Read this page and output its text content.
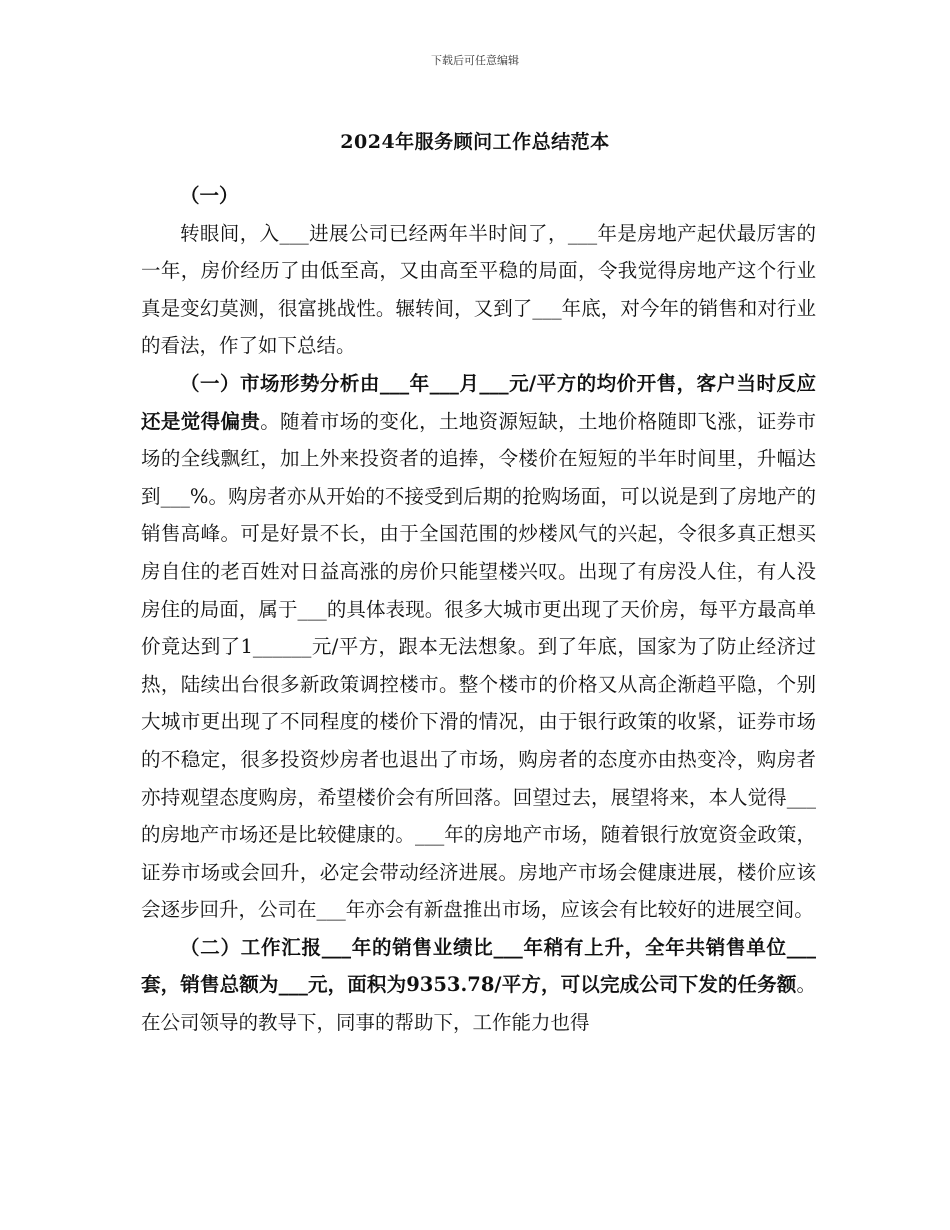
下载后可任意编辑
2024年服务顾问工作总结范本

（一）

转眼间，入___进展公司已经两年半时间了，___年是房地产起伏最厉害的一年，房价经历了由低至高，又由高至平稳的局面，令我觉得房地产这个行业真是变幻莫测，很富挑战性。辗转间，又到了___年底，对今年的销售和对行业的看法，作了如下总结。

（一）市场形势分析由___年___月___元/平方的均价开售，客户当时反应还是觉得偏贵。随着市场的变化，土地资源短缺，土地价格随即飞涨，证券市场的全线飘红，加上外来投资者的追捧，令楼价在短短的半年时间里，升幅达到___%。购房者亦从开始的不接受到后期的抢购场面，可以说是到了房地产的销售高峰。可是好景不长，由于全国范围的炒楼风气的兴起，令很多真正想买房自住的老百姓对日益高涨的房价只能望楼兴叹。出现了有房没人住，有人没房住的局面，属于___的具体表现。很多大城市更出现了天价房，每平方最高单价竟达到了1______元/平方，跟本无法想象。到了年底，国家为了防止经济过热，陆续出台很多新政策调控楼市。整个楼市的价格又从高企渐趋平隐，个别大城市更出现了不同程度的楼价下滑的情况，由于银行政策的收紧，证券市场的不稳定，很多投资炒房者也退出了市场，购房者的态度亦由热变冷，购房者亦持观望态度购房，希望楼价会有所回落。回望过去，展望将来，本人觉得___的房地产市场还是比较健康的。___年的房地产市场，随着银行放宽资金政策，证券市场或会回升，必定会带动经济进展。房地产市场会健康进展，楼价应该会逐步回升，公司在___年亦会有新盘推出市场，应该会有比较好的进展空间。

（二）工作汇报___年的销售业绩比___年稍有上升，全年共销售单位___套，销售总额为___元，面积为9353.78/平方，可以完成公司下发的任务额。在公司领导的教导下，同事的帮助下，工作能力也得
